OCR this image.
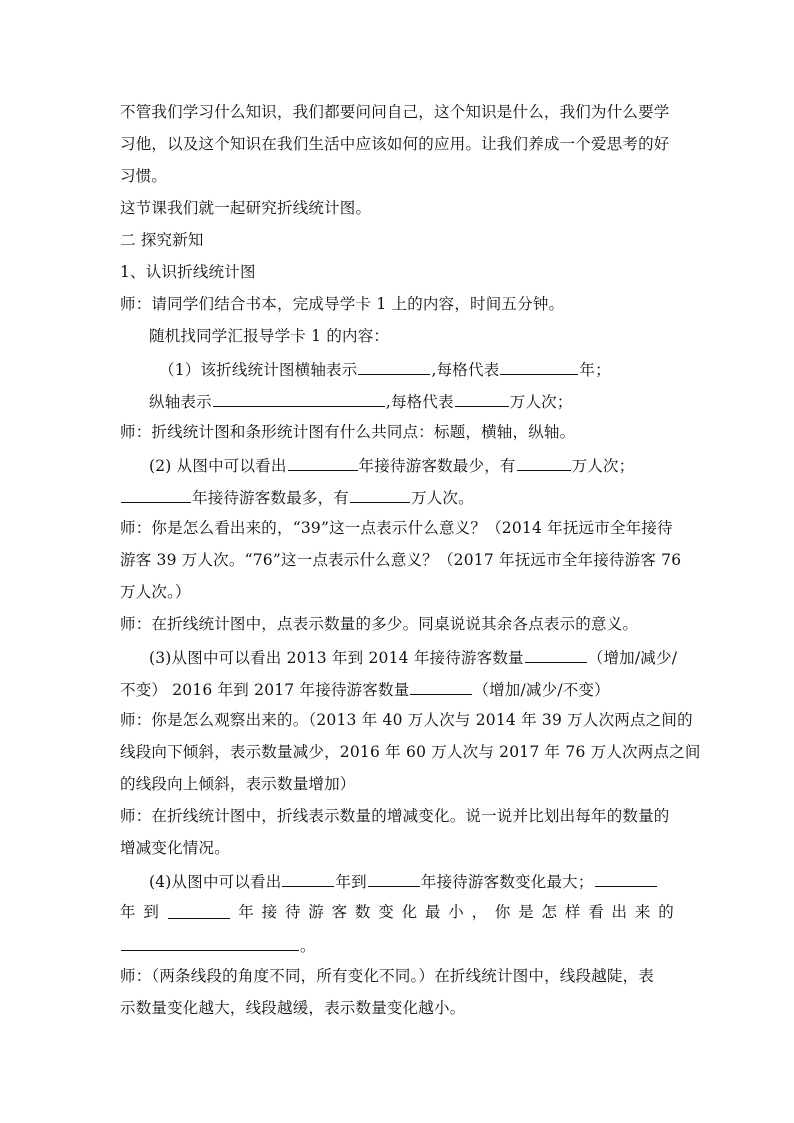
不管我们学习什么知识，我们都要问问自己，这个知识是什么，我们为什么要学
习他，以及这个知识在我们生活中应该如何的应用。让我们养成一个爱思考的好
习惯。
这节课我们就一起研究折线统计图。
二 探究新知
1、认识折线统计图
师：请同学们结合书本，完成导学卡 1 上的内容，时间五分钟。
随机找同学汇报导学卡 1 的内容：
（1）该折线统计图横轴表示	,每格代表	年；
纵轴表示	,每格代表	万人次；
师：折线统计图和条形统计图有什么共同点：标题，横轴，纵轴。
(2) 从图中可以看出	年接待游客数最少，有	万人次；
年接待游客数最多，有	万人次。
师：你是怎么看出来的，“39”这一点表示什么意义？（2014 年抚远市全年接待
游客 39 万人次。“76”这一点表示什么意义？（2017 年抚远市全年接待游客 76
万人次。）
师：在折线统计图中，点表示数量的多少。同桌说说其余各点表示的意义。
(3)从图中可以看出 2013 年到 2014 年接待游客数量	（增加/减少/
不变） 2016 年到 2017 年接待游客数量	（增加/减少/不变）
师：你是怎么观察出来的。（2013 年 40 万人次与 2014 年 39 万人次两点之间的
线段向下倾斜，表示数量减少，2016 年 60 万人次与 2017 年 76 万人次两点之间
的线段向上倾斜，表示数量增加）
师：在折线统计图中，折线表示数量的增减变化。说一说并比划出每年的数量的
增减变化情况。
(4)从图中可以看出	年到	年接待游客数变化最大；
年 到	年 接 待 游 客 数 变 化 最 小 ， 你 是 怎 样 看 出 来 的
。
师：（两条线段的角度不同，所有变化不同。）在折线统计图中，线段越陡，表
示数量变化越大，线段越缓，表示数量变化越小。
